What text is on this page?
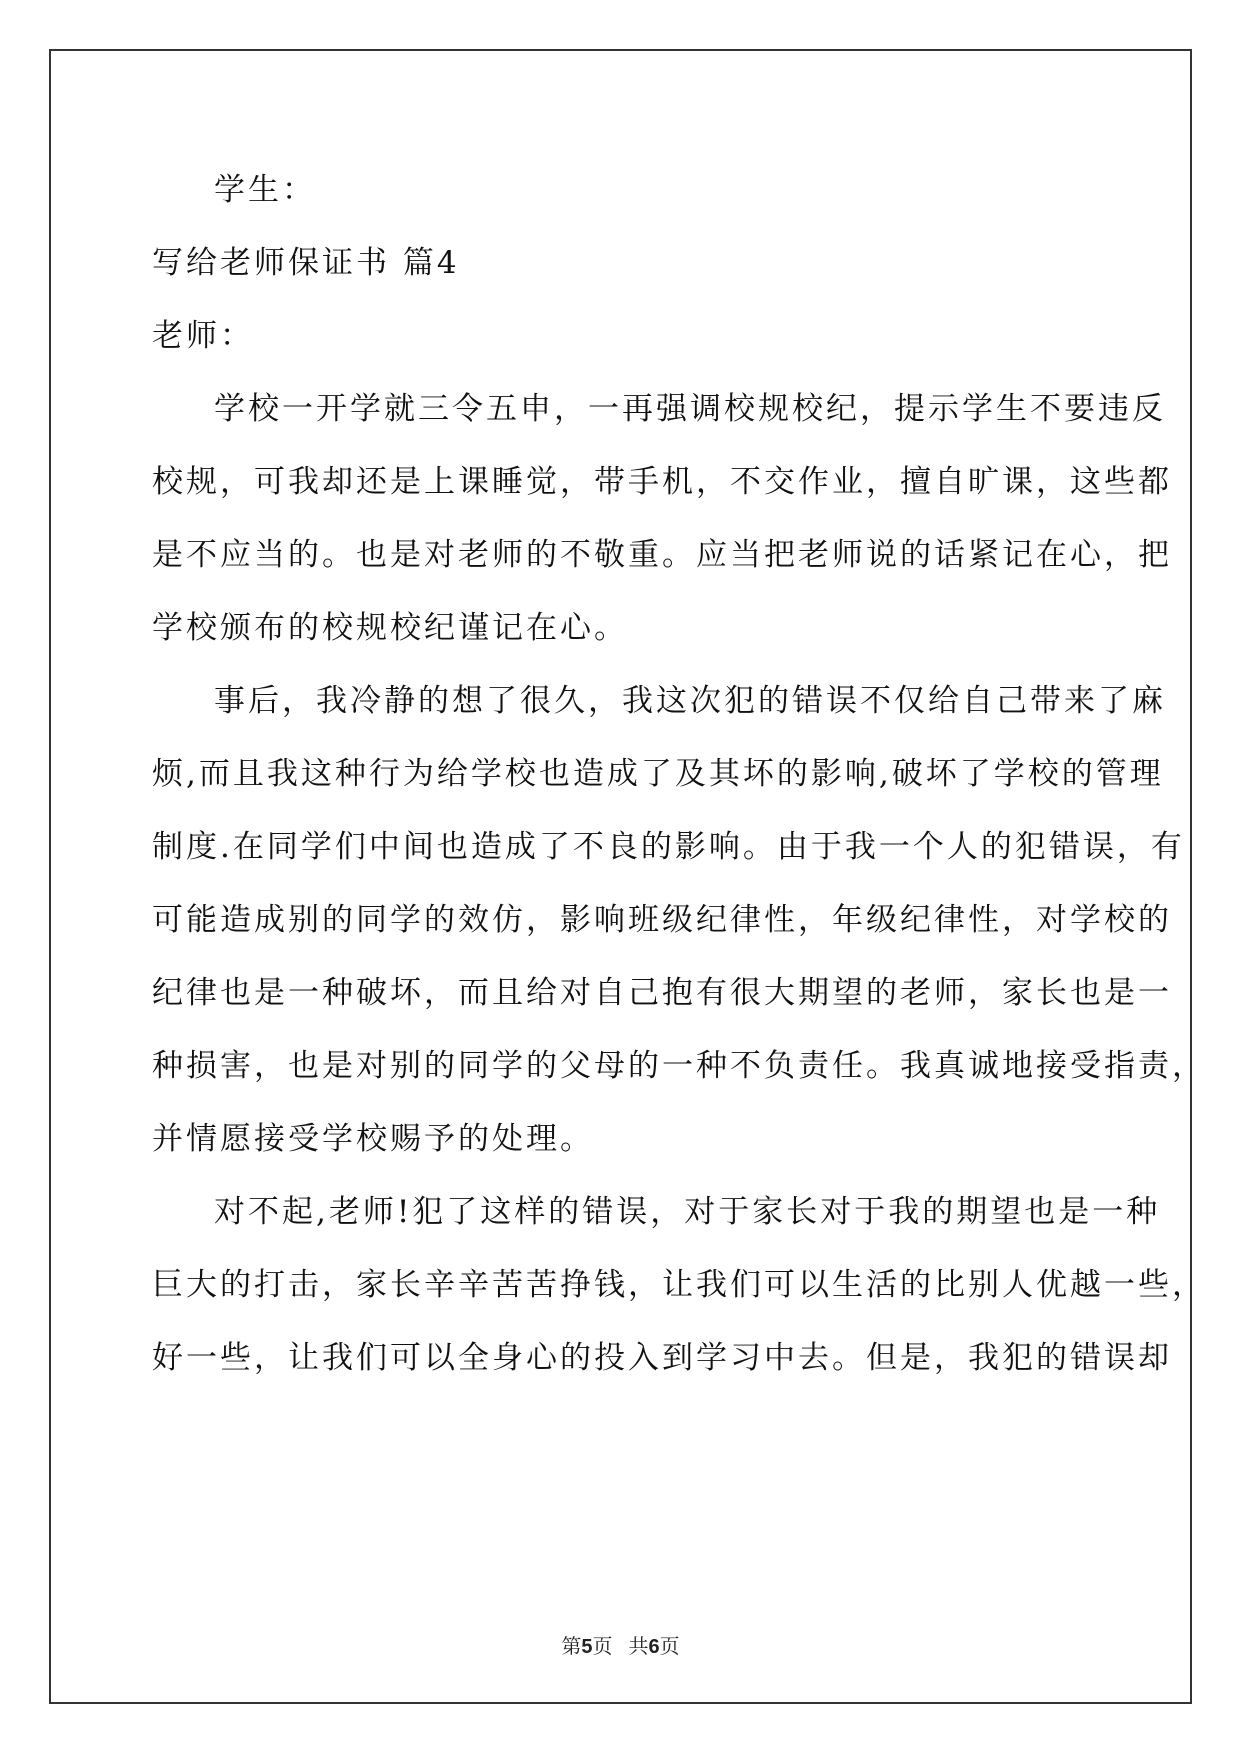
学生：
写给老师保证书 篇4
老师：
学校一开学就三令五申，一再强调校规校纪，提示学生不要违反
校规，可我却还是上课睡觉，带手机，不交作业，擅自旷课，这些都
是不应当的。也是对老师的不敬重。应当把老师说的话紧记在心，把
学校颁布的校规校纪谨记在心。
事后，我冷静的想了很久，我这次犯的错误不仅给自己带来了麻
烦,而且我这种行为给学校也造成了及其坏的影响,破坏了学校的管理
制度.在同学们中间也造成了不良的影响。由于我一个人的犯错误，有
可能造成别的同学的效仿，影响班级纪律性，年级纪律性，对学校的
纪律也是一种破坏，而且给对自己抱有很大期望的老师，家长也是一
种损害，也是对别的同学的父母的一种不负责任。我真诚地接受指责，
并情愿接受学校赐予的处理。
对不起,老师!犯了这样的错误，对于家长对于我的期望也是一种
巨大的打击，家长辛辛苦苦挣钱，让我们可以生活的比别人优越一些，
好一些，让我们可以全身心的投入到学习中去。但是，我犯的错误却
第5页 共6页
